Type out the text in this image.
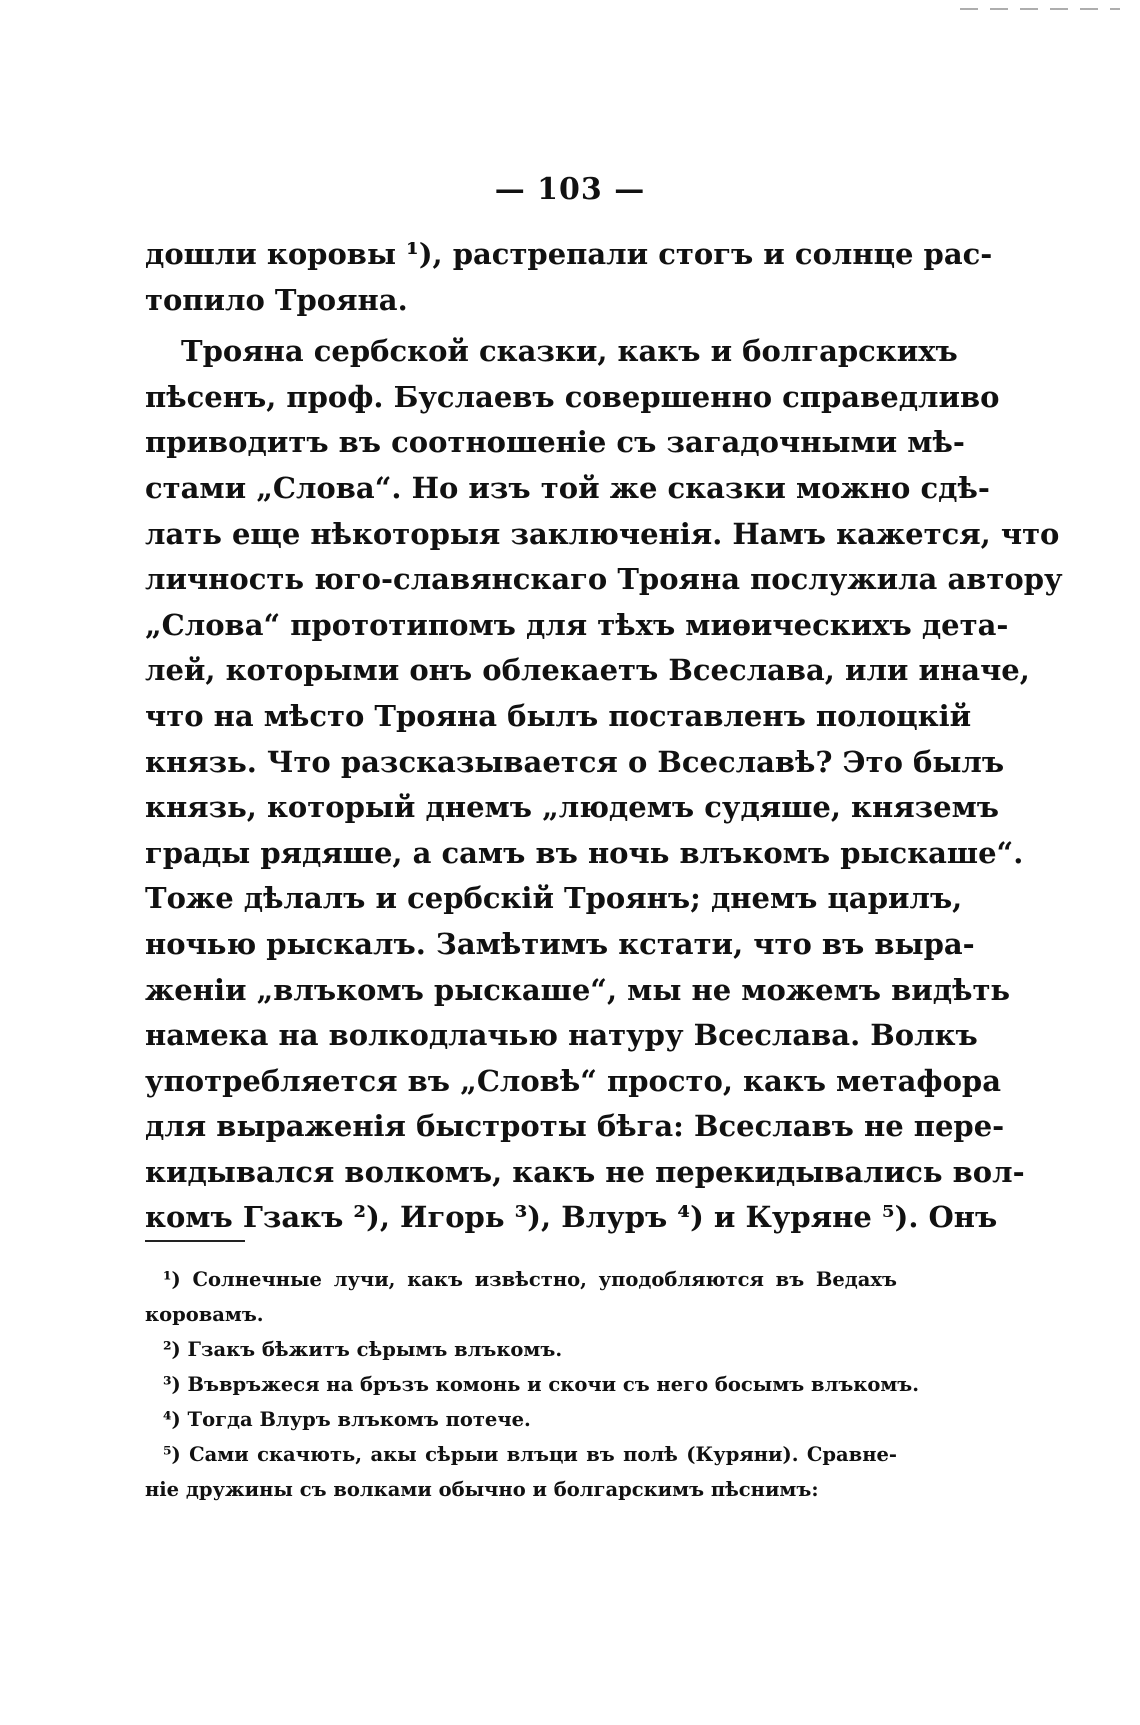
— 103 —
дошли коровы ¹), растрепали стогъ и солнце рас-
топило Трояна.
Трояна сербской сказки, какъ и болгарскихъ
пѣсенъ, проф. Буслаевъ совершенно справедливо
приводитъ въ соотношеніе съ загадочными мѣ-
стами „Слова“. Но изъ той же сказки можно сдѣ-
лать еще нѣкоторыя заключенія. Намъ кажется, что
личность юго-славянскаго Трояна послужила автору
„Слова“ прототипомъ для тѣхъ миѳическихъ дета-
лей, которыми онъ облекаетъ Всеслава, или иначе,
что на мѣсто Трояна былъ поставленъ полоцкій
князь. Что разсказывается о Всеславѣ? Это былъ
князь, который днемъ „людемъ судяше, княземъ
грады рядяше, а самъ въ ночь влъкомъ рыскаше“.
Тоже дѣлалъ и сербскій Троянъ; днемъ царилъ,
ночью рыскалъ. Замѣтимъ кстати, что въ выра-
женіи „влъкомъ рыскаше“, мы не можемъ видѣть
намека на волкодлачью натуру Всеслава. Волкъ
употребляется въ „Словѣ“ просто, какъ метафора
для выраженія быстроты бѣга: Всеславъ не пере-
кидывался волкомъ, какъ не перекидывались вол-
комъ Гзакъ ²), Игорь ³), Влуръ ⁴) и Куряне ⁵). Онъ
¹) Солнечные лучи, какъ извѣстно, уподобляются въ Ведахъ
коровамъ.
²) Гзакъ бѣжитъ сѣрымъ влъкомъ.
³) Въвръжеся на бръзъ комонь и скочи съ него босымъ влъкомъ.
⁴) Тогда Влуръ влъкомъ потече.
⁵) Сами скачють, акы сѣрыи влъци въ полѣ (Куряни). Сравне-
ніе дружины съ волками обычно и болгарскимъ пѣснимъ:
